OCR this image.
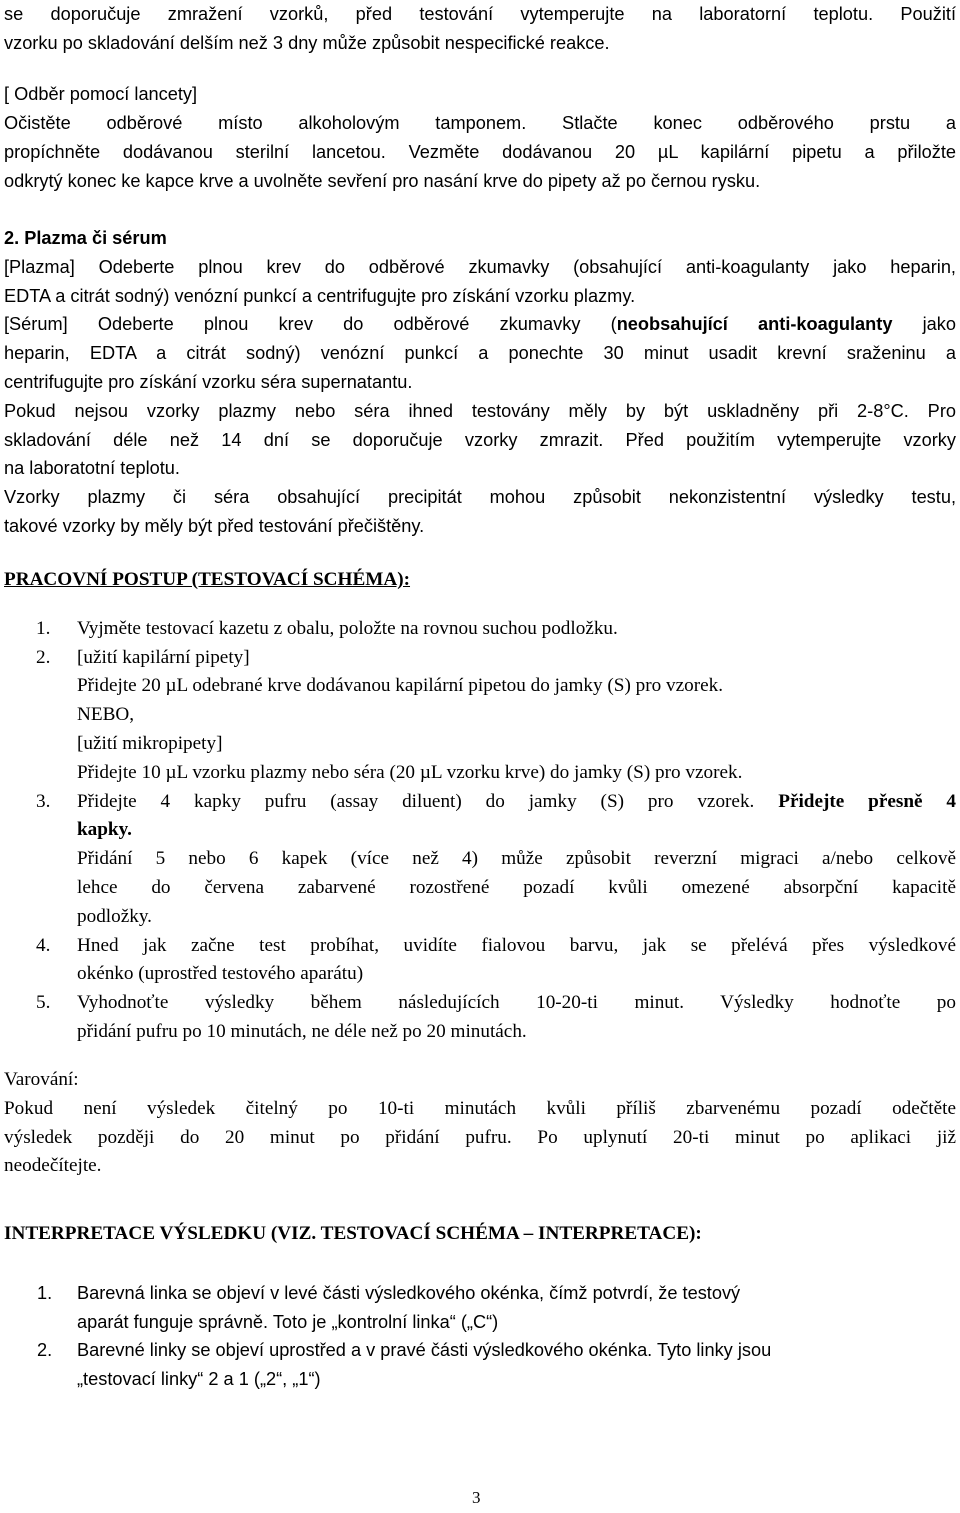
se doporučuje zmražení vzorků, před testování vytemperujte na laboratorní teplotu. Použití
vzorku po skladování delším než 3 dny může způsobit nespecifické reakce.
[ Odběr pomocí lancety]
Očistěte odběrové místo alkoholovým tamponem. Stlačte konec odběrového prstu a
propíchněte dodávanou sterilní lancetou. Vezměte dodávanou 20 µL kapilární pipetu a přiložte
odkrytý konec ke kapce krve a uvolněte sevření pro nasání krve do pipety až po černou rysku.
2. Plazma či sérum
[Plazma] Odeberte plnou krev do odběrové zkumavky (obsahující anti-koagulanty jako heparin,
EDTA a citrát sodný) venózní punkcí a centrifugujte pro získání vzorku plazmy.
[Sérum] Odeberte plnou krev do odběrové zkumavky (neobsahující anti-koagulanty jako
heparin, EDTA a citrát sodný) venózní punkcí a ponechte 30 minut usadit krevní sraženinu a
centrifugujte pro získání vzorku séra supernatantu.
Pokud nejsou vzorky plazmy nebo séra ihned testovány měly by být uskladněny při 2-8°C. Pro
skladování déle než 14 dní se doporučuje vzorky zmrazit. Před použitím vytemperujte vzorky
na laboratotní teplotu.
Vzorky plazmy či séra obsahující precipitát mohou způsobit nekonzistentní výsledky testu,
takové vzorky by měly být před testování přečištěny.
PRACOVNÍ POSTUP (TESTOVACÍ SCHÉMA):
1. Vyjměte testovací kazetu z obalu, položte na rovnou suchou podložku.
2. [užití kapilární pipety]
Přidejte 20 µL odebrané krve dodávanou kapilární pipetou do jamky (S) pro vzorek.
NEBO,
[užití mikropipety]
Přidejte 10 µL vzorku plazmy nebo séra (20 µL vzorku krve) do jamky (S) pro vzorek.
3. Přidejte 4 kapky pufru (assay diluent) do jamky (S) pro vzorek. Přidejte přesně 4
kapky.
Přidání 5 nebo 6 kapek (více než 4) může způsobit reverzní migraci a/nebo celkově
lehce do červena zabarvené rozostřené pozadí kvůli omezené absorpční kapacitě
podložky.
4. Hned jak začne test probíhat, uvidíte fialovou barvu, jak se přelévá přes výsledkové
okénko (uprostřed testového aparátu)
5. Vyhodnoťte výsledky během následujících 10-20-ti minut. Výsledky hodnoťte po
přidání pufru po 10 minutách, ne déle než po 20 minutách.
Varování:
Pokud není výsledek čitelný po 10-ti minutách kvůli příliš zbarvenému pozadí odečtěte
výsledek později do 20 minut po přidání pufru. Po uplynutí 20-ti minut po aplikaci již
neodečítejte.
INTERPRETACE VÝSLEDKU (VIZ. TESTOVACÍ SCHÉMA – INTERPRETACE):
1. Barevná linka se objeví v levé části výsledkového okénka, čímž potvrdí, že testový
aparát funguje správně. Toto je „kontrolní linka“ („C“)
2. Barevné linky se objeví uprostřed a v pravé části výsledkového okénka. Tyto linky jsou
„testovací linky“ 2 a 1 („2“, „1“)
3
